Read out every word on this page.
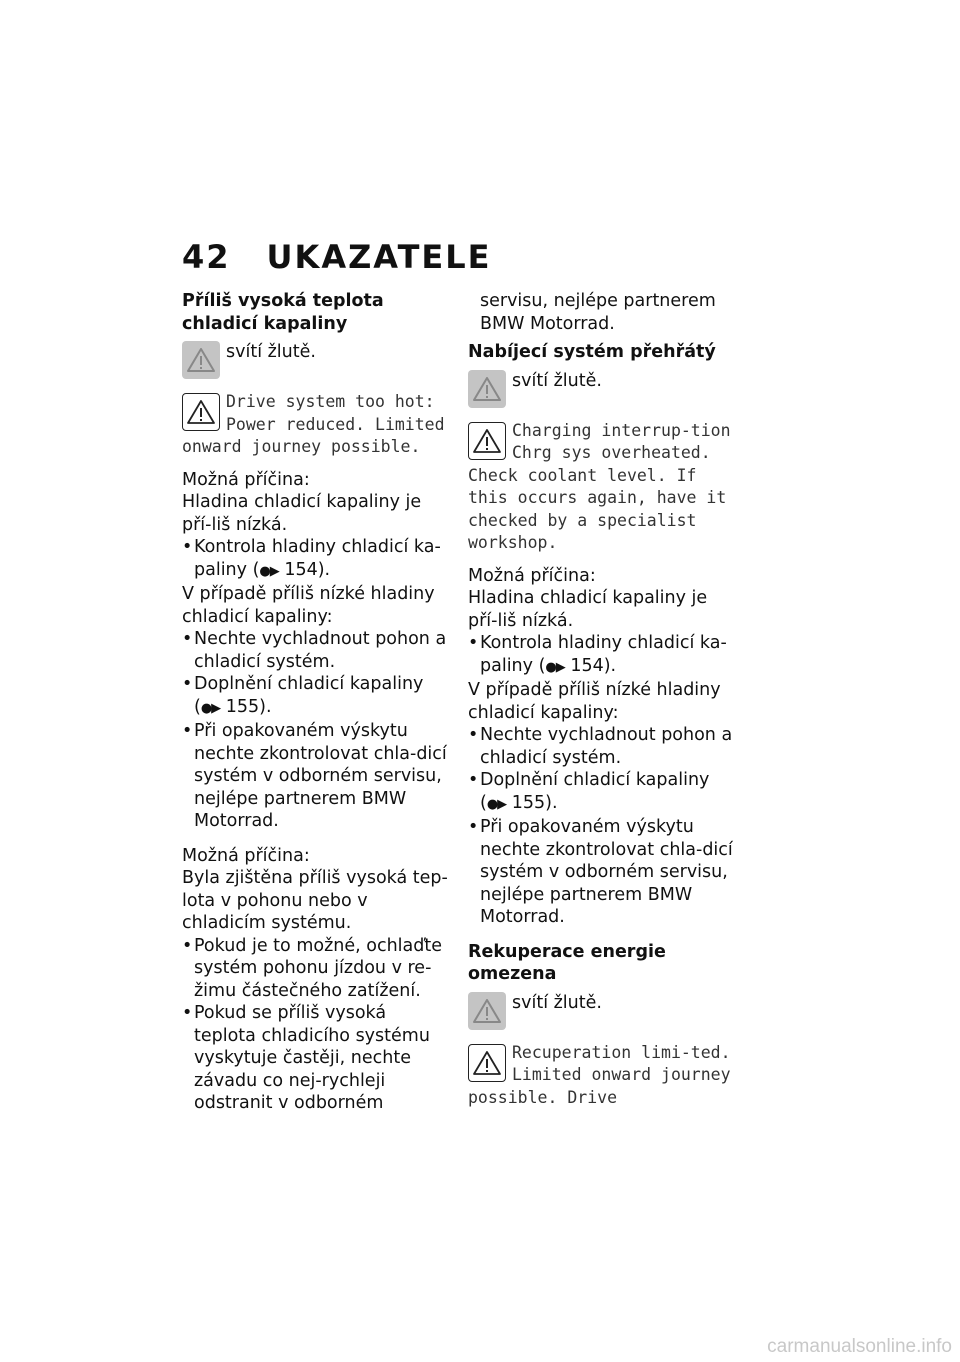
42 UKAZATELE

Příliš vysoká teplota chladicí kapaliny

svítí žlutě.
Drive system too hot: Power reduced. Limited onward journey possible.

Možná příčina:

Hladina chladicí kapaliny je pří-liš nízká.

• Kontrola hladiny chladicí ka-paliny (●▶ 154).

V případě příliš nízké hladiny chladicí kapaliny:

• Nechte vychladnout pohon a chladicí systém.
• Doplnění chladicí kapaliny (●▶ 155).
• Při opakovaném výskytu nechte zkontrolovat chla-dicí systém v odborném servisu, nejlépe partnerem BMW Motorrad.

Možná příčina:

Byla zjištěna příliš vysoká tep-lota v pohonu nebo v chladicím systému.

• Pokud je to možné, ochlaďte systém pohonu jízdou v re-žimu částečného zatížení.
• Pokud se příliš vysoká teplota chladicího systému vyskytuje častěji, nechte závadu co nej-rychleji odstranit v odborném

servisu, nejlépe partnerem BMW Motorrad.

Nabíjecí systém přehřátý

svítí žlutě.
Charging interrup-tion Chrg sys overheated. Check coolant level. If this occurs again, have it checked by a specialist workshop.

Možná příčina:

Hladina chladicí kapaliny je pří-liš nízká.

• Kontrola hladiny chladicí ka-paliny (●▶ 154).

V případě příliš nízké hladiny chladicí kapaliny:

• Nechte vychladnout pohon a chladicí systém.
• Doplnění chladicí kapaliny (●▶ 155).
• Při opakovaném výskytu nechte zkontrolovat chla-dicí systém v odborném servisu, nejlépe partnerem BMW Motorrad.

Rekuperace energie omezena

svítí žlutě.
Recuperation limi-ted. Limited onward journey possible. Drive
carmanualsonline.info
